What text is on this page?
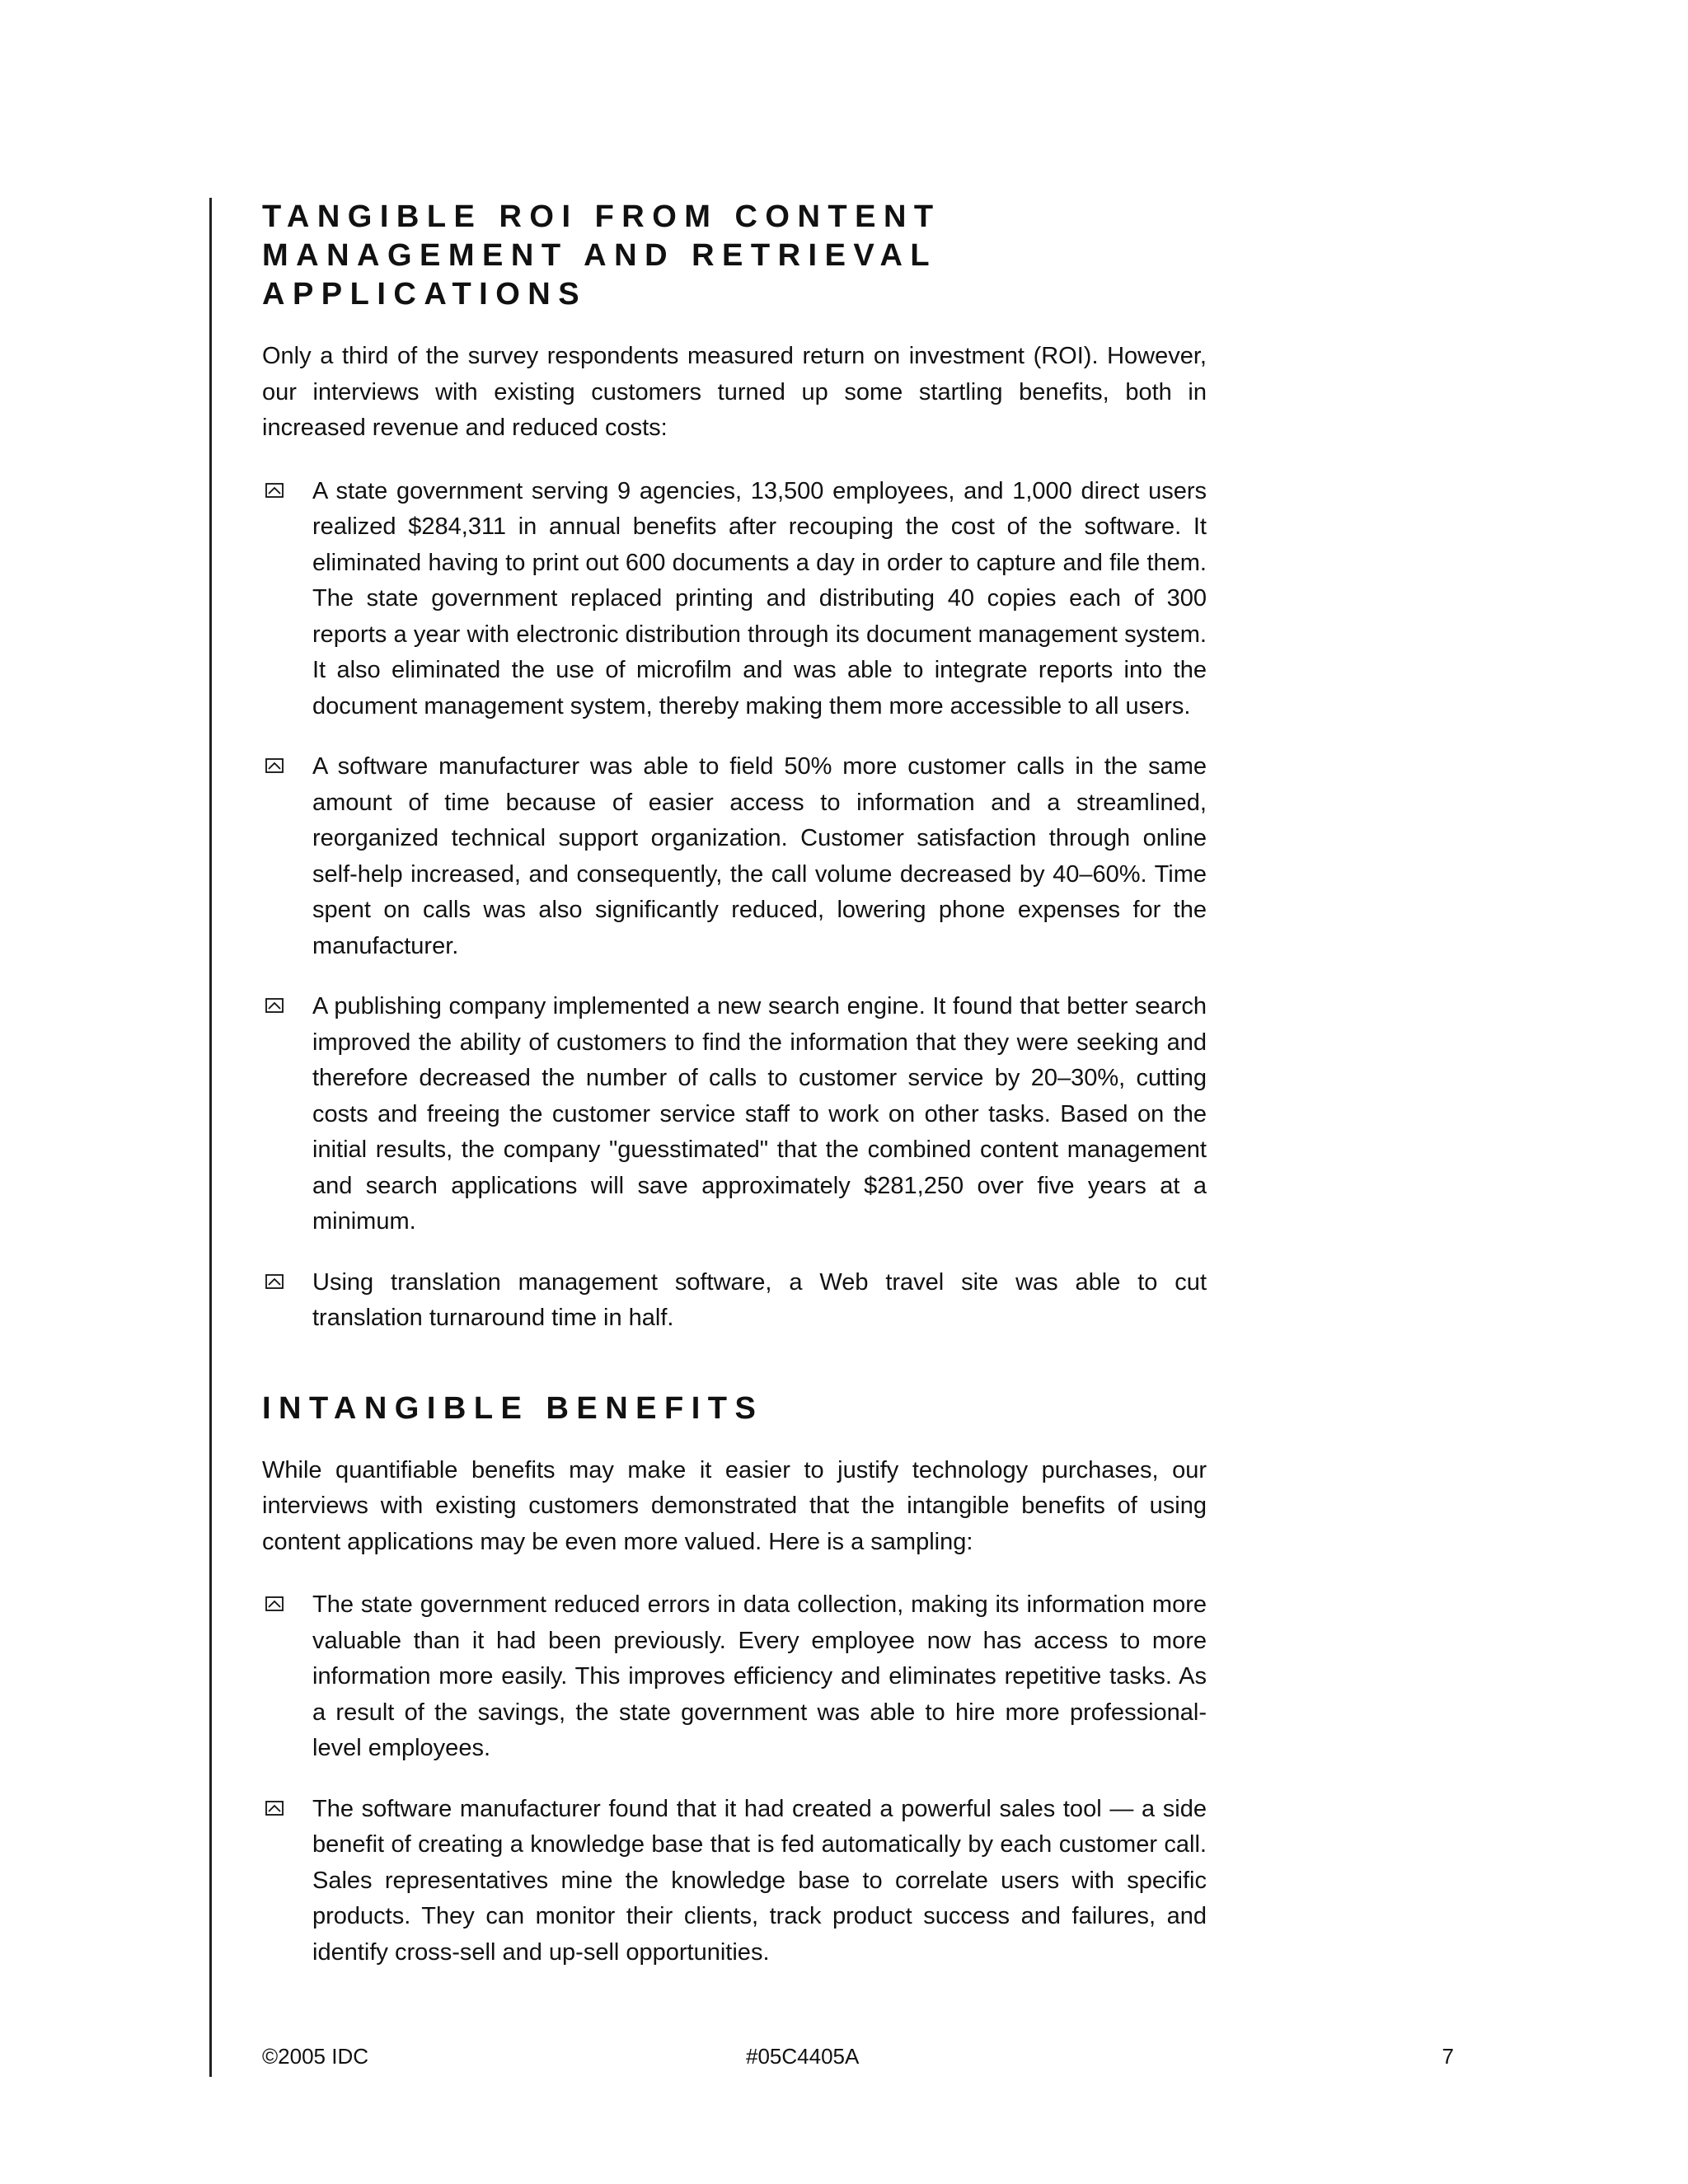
TANGIBLE ROI FROM CONTENT MANAGEMENT AND RETRIEVAL APPLICATIONS

Only a third of the survey respondents measured return on investment (ROI). However, our interviews with existing customers turned up some startling benefits, both in increased revenue and reduced costs:

A state government serving 9 agencies, 13,500 employees, and 1,000 direct users realized $284,311 in annual benefits after recouping the cost of the software. It eliminated having to print out 600 documents a day in order to capture and file them. The state government replaced printing and distributing 40 copies each of 300 reports a year with electronic distribution through its document management system. It also eliminated the use of microfilm and was able to integrate reports into the document management system, thereby making them more accessible to all users.
A software manufacturer was able to field 50% more customer calls in the same amount of time because of easier access to information and a streamlined, reorganized technical support organization. Customer satisfaction through online self-help increased, and consequently, the call volume decreased by 40–60%. Time spent on calls was also significantly reduced, lowering phone expenses for the manufacturer.
A publishing company implemented a new search engine. It found that better search improved the ability of customers to find the information that they were seeking and therefore decreased the number of calls to customer service by 20–30%, cutting costs and freeing the customer service staff to work on other tasks. Based on the initial results, the company "guesstimated" that the combined content management and search applications will save approximately $281,250 over five years at a minimum.
Using translation management software, a Web travel site was able to cut translation turnaround time in half.
INTANGIBLE BENEFITS

While quantifiable benefits may make it easier to justify technology purchases, our interviews with existing customers demonstrated that the intangible benefits of using content applications may be even more valued. Here is a sampling:

The state government reduced errors in data collection, making its information more valuable than it had been previously. Every employee now has access to more information more easily. This improves efficiency and eliminates repetitive tasks. As a result of the savings, the state government was able to hire more professional-level employees.
The software manufacturer found that it had created a powerful sales tool — a side benefit of creating a knowledge base that is fed automatically by each customer call. Sales representatives mine the knowledge base to correlate users with specific products. They can monitor their clients, track product success and failures, and identify cross-sell and up-sell opportunities.
©2005 IDC	#05C4405A	7
